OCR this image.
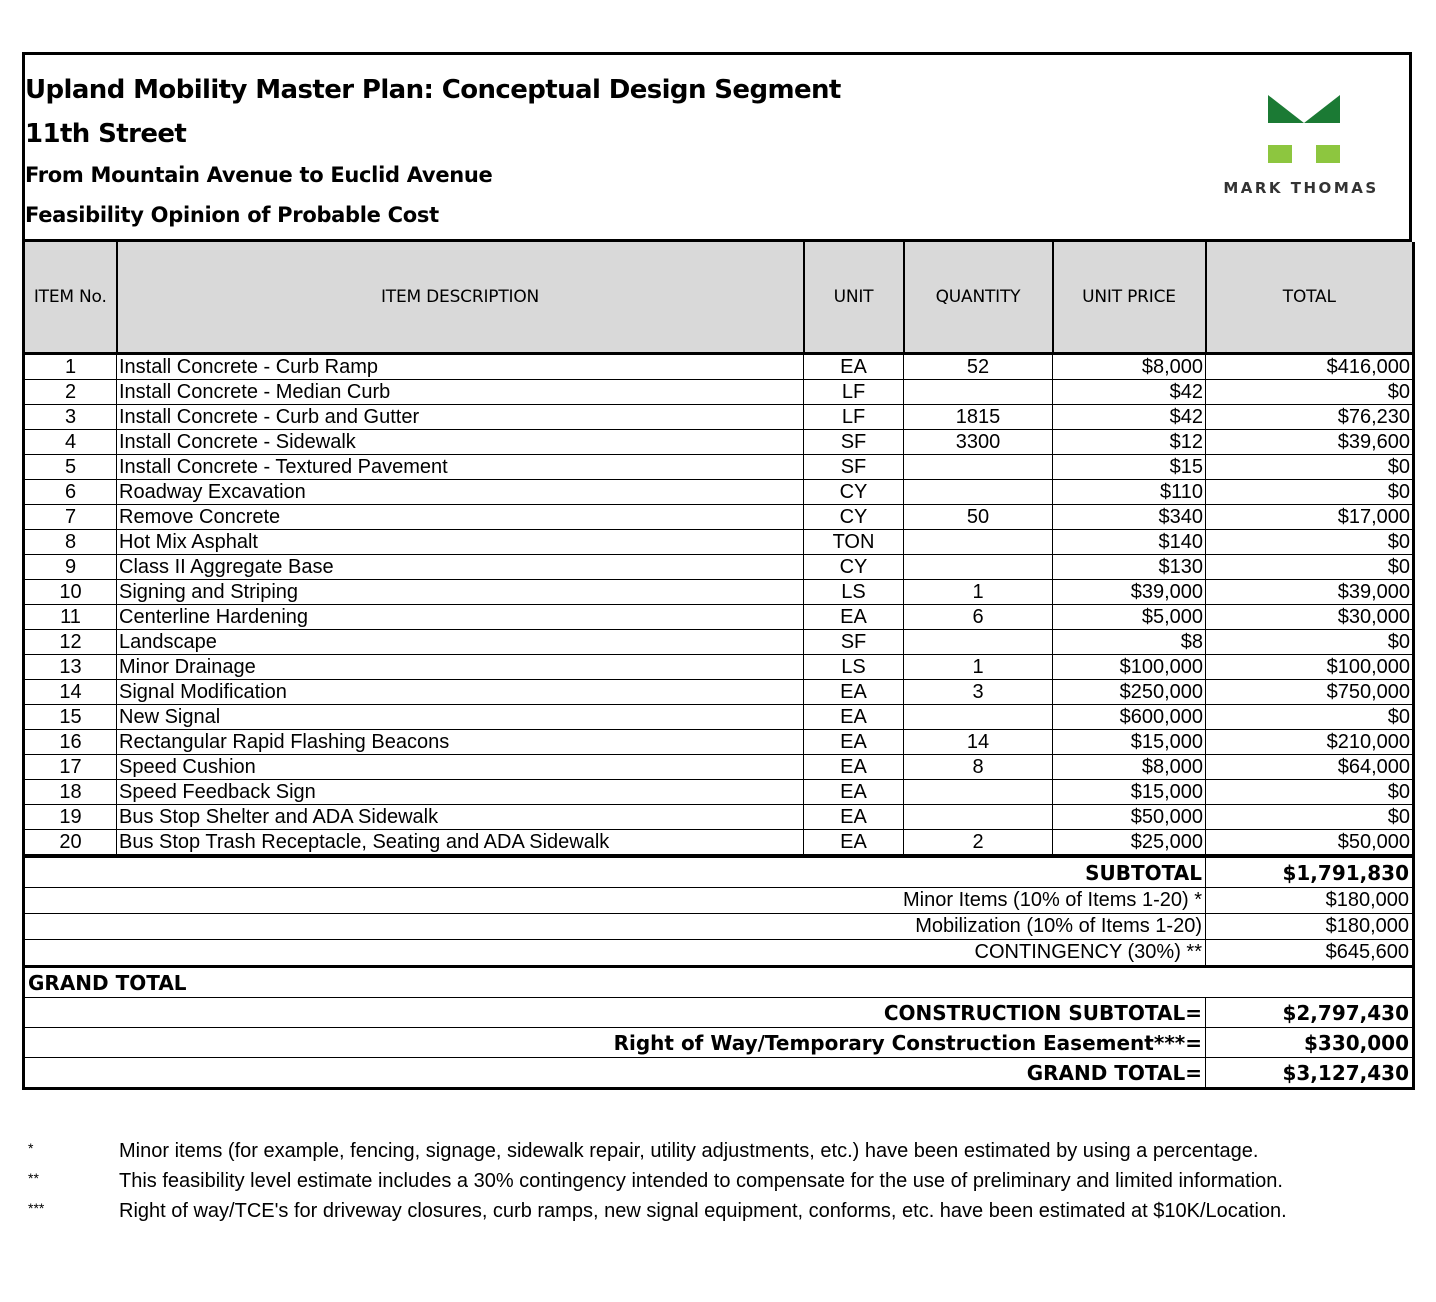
Upland Mobility Master Plan: Conceptual Design Segment
11th Street
From Mountain Avenue to Euclid Avenue
Feasibility Opinion of Probable Cost
MARK THOMAS
ITEM No.	ITEM DESCRIPTION	UNIT	QUANTITY	UNIT PRICE	TOTAL
1	Install Concrete - Curb Ramp	EA	52	$8,000	$416,000
2	Install Concrete - Median Curb	LF		$42	$0
3	Install Concrete - Curb and Gutter	LF	1815	$42	$76,230
4	Install Concrete - Sidewalk	SF	3300	$12	$39,600
5	Install Concrete - Textured Pavement	SF		$15	$0
6	Roadway Excavation	CY		$110	$0
7	Remove Concrete	CY	50	$340	$17,000
8	Hot Mix Asphalt	TON		$140	$0
9	Class II Aggregate Base	CY		$130	$0
10	Signing and Striping	LS	1	$39,000	$39,000
11	Centerline Hardening	EA	6	$5,000	$30,000
12	Landscape	SF		$8	$0
13	Minor Drainage	LS	1	$100,000	$100,000
14	Signal Modification	EA	3	$250,000	$750,000
15	New Signal	EA		$600,000	$0
16	Rectangular Rapid Flashing Beacons	EA	14	$15,000	$210,000
17	Speed Cushion	EA	8	$8,000	$64,000
18	Speed Feedback Sign	EA		$15,000	$0
19	Bus Stop Shelter and ADA Sidewalk	EA		$50,000	$0
20	Bus Stop Trash Receptacle, Seating and ADA Sidewalk	EA	2	$25,000	$50,000
SUBTOTAL	$1,791,830
Minor Items (10% of Items 1-20) *	$180,000
Mobilization (10% of Items 1-20)	$180,000
CONTINGENCY (30%) **	$645,600
GRAND TOTAL	
CONSTRUCTION SUBTOTAL=	$2,797,430
Right of Way/Temporary Construction Easement***=	$330,000
GRAND TOTAL=	$3,127,430
*	Minor items (for example, fencing, signage, sidewalk repair, utility adjustments, etc.) have been estimated by using a percentage.
**	This feasibility level estimate includes a 30% contingency intended to compensate for the use of preliminary and limited information.
***	Right of way/TCE's for driveway closures, curb ramps, new signal equipment, conforms, etc. have been estimated at $10K/Location.
